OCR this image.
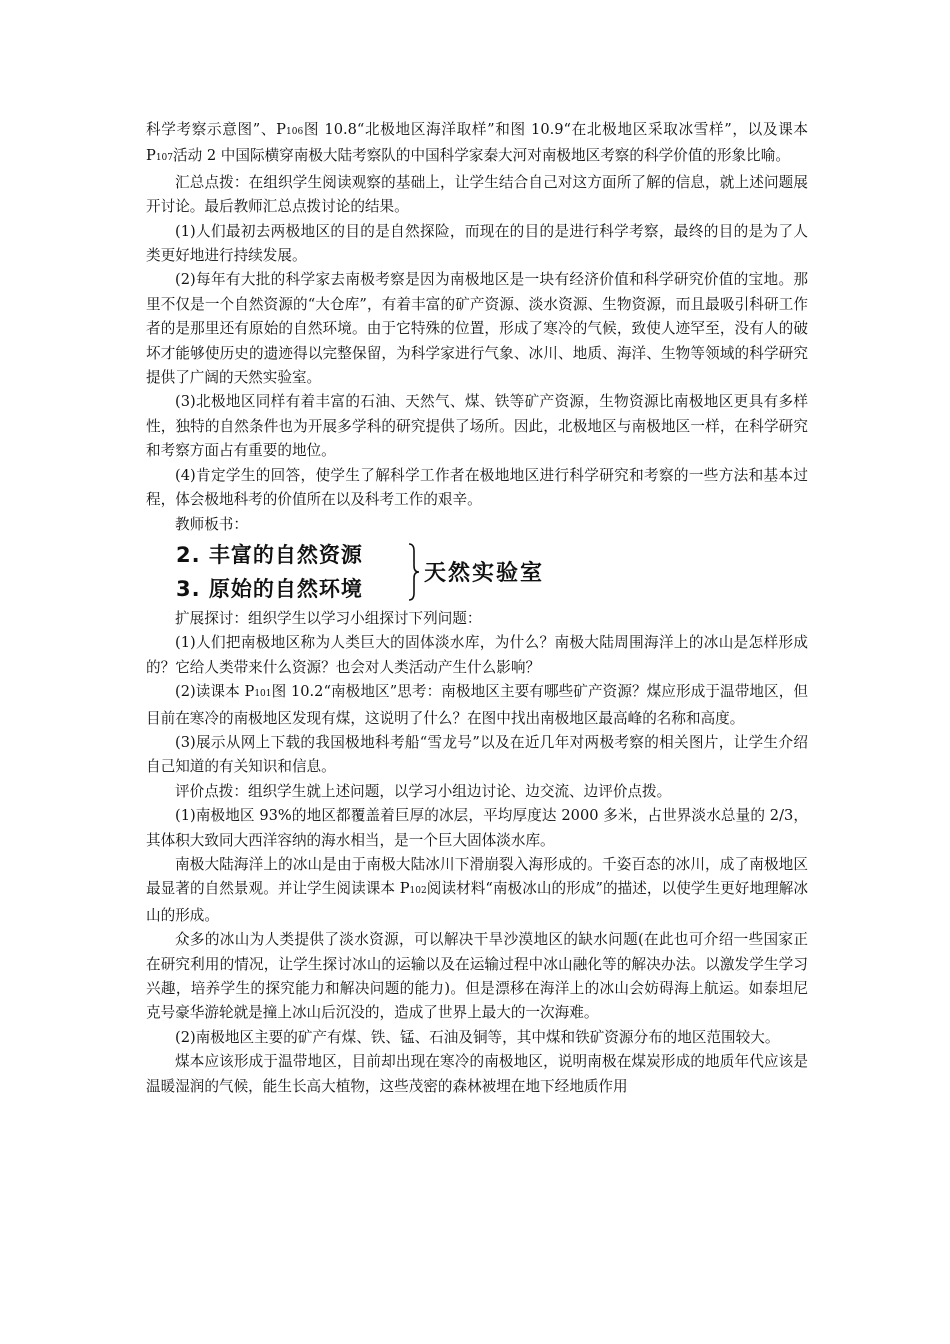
科学考察示意图”、P106图 10.8“北极地区海洋取样”和图 10.9“在北极地区采取冰雪样”，以及课本 P107活动 2 中国际横穿南极大陆考察队的中国科学家秦大河对南极地区考察的科学价值的形象比喻。

汇总点拨：在组织学生阅读观察的基础上，让学生结合自己对这方面所了解的信息，就上述问题展开讨论。最后教师汇总点拨讨论的结果。

(1)人们最初去两极地区的目的是自然探险，而现在的目的是进行科学考察，最终的目的是为了人类更好地进行持续发展。

(2)每年有大批的科学家去南极考察是因为南极地区是一块有经济价值和科学研究价值的宝地。那里不仅是一个自然资源的“大仓库”，有着丰富的矿产资源、淡水资源、生物资源，而且最吸引科研工作者的是那里还有原始的自然环境。由于它特殊的位置，形成了寒冷的气候，致使人迹罕至，没有人的破坏才能够使历史的遗迹得以完整保留，为科学家进行气象、冰川、地质、海洋、生物等领域的科学研究提供了广阔的天然实验室。

(3)北极地区同样有着丰富的石油、天然气、煤、铁等矿产资源，生物资源比南极地区更具有多样性，独特的自然条件也为开展多学科的研究提供了场所。因此，北极地区与南极地区一样，在科学研究和考察方面占有重要的地位。

(4)肯定学生的回答，使学生了解科学工作者在极地地区进行科学研究和考察的一些方法和基本过程，体会极地科考的价值所在以及科考工作的艰辛。

教师板书：

2. 丰富的自然资源
3. 原始的自然环境
天然实验室

扩展探讨：组织学生以学习小组探讨下列问题：

(1)人们把南极地区称为人类巨大的固体淡水库，为什么？南极大陆周围海洋上的冰山是怎样形成的？它给人类带来什么资源？也会对人类活动产生什么影响？

(2)读课本 P101图 10.2“南极地区”思考：南极地区主要有哪些矿产资源？煤应形成于温带地区，但目前在寒冷的南极地区发现有煤，这说明了什么？在图中找出南极地区最高峰的名称和高度。

(3)展示从网上下载的我国极地科考船“雪龙号”以及在近几年对两极考察的相关图片，让学生介绍自己知道的有关知识和信息。

评价点拨：组织学生就上述问题，以学习小组边讨论、边交流、边评价点拨。

(1)南极地区 93%的地区都覆盖着巨厚的冰层，平均厚度达 2000 多米，占世界淡水总量的 2/3，其体积大致同大西洋容纳的海水相当，是一个巨大固体淡水库。

南极大陆海洋上的冰山是由于南极大陆冰川下滑崩裂入海形成的。千姿百态的冰川，成了南极地区最显著的自然景观。并让学生阅读课本 P102阅读材料“南极冰山的形成”的描述，以使学生更好地理解冰山的形成。

众多的冰山为人类提供了淡水资源，可以解决干旱沙漠地区的缺水问题(在此也可介绍一些国家正在研究利用的情况，让学生探讨冰山的运输以及在运输过程中冰山融化等的解决办法。以激发学生学习兴趣，培养学生的探究能力和解决问题的能力)。但是漂移在海洋上的冰山会妨碍海上航运。如泰坦尼克号豪华游轮就是撞上冰山后沉没的，造成了世界上最大的一次海难。

(2)南极地区主要的矿产有煤、铁、锰、石油及铜等，其中煤和铁矿资源分布的地区范围较大。

煤本应该形成于温带地区，目前却出现在寒冷的南极地区，说明南极在煤炭形成的地质年代应该是温暖湿润的气候，能生长高大植物，这些茂密的森林被埋在地下经地质作用
